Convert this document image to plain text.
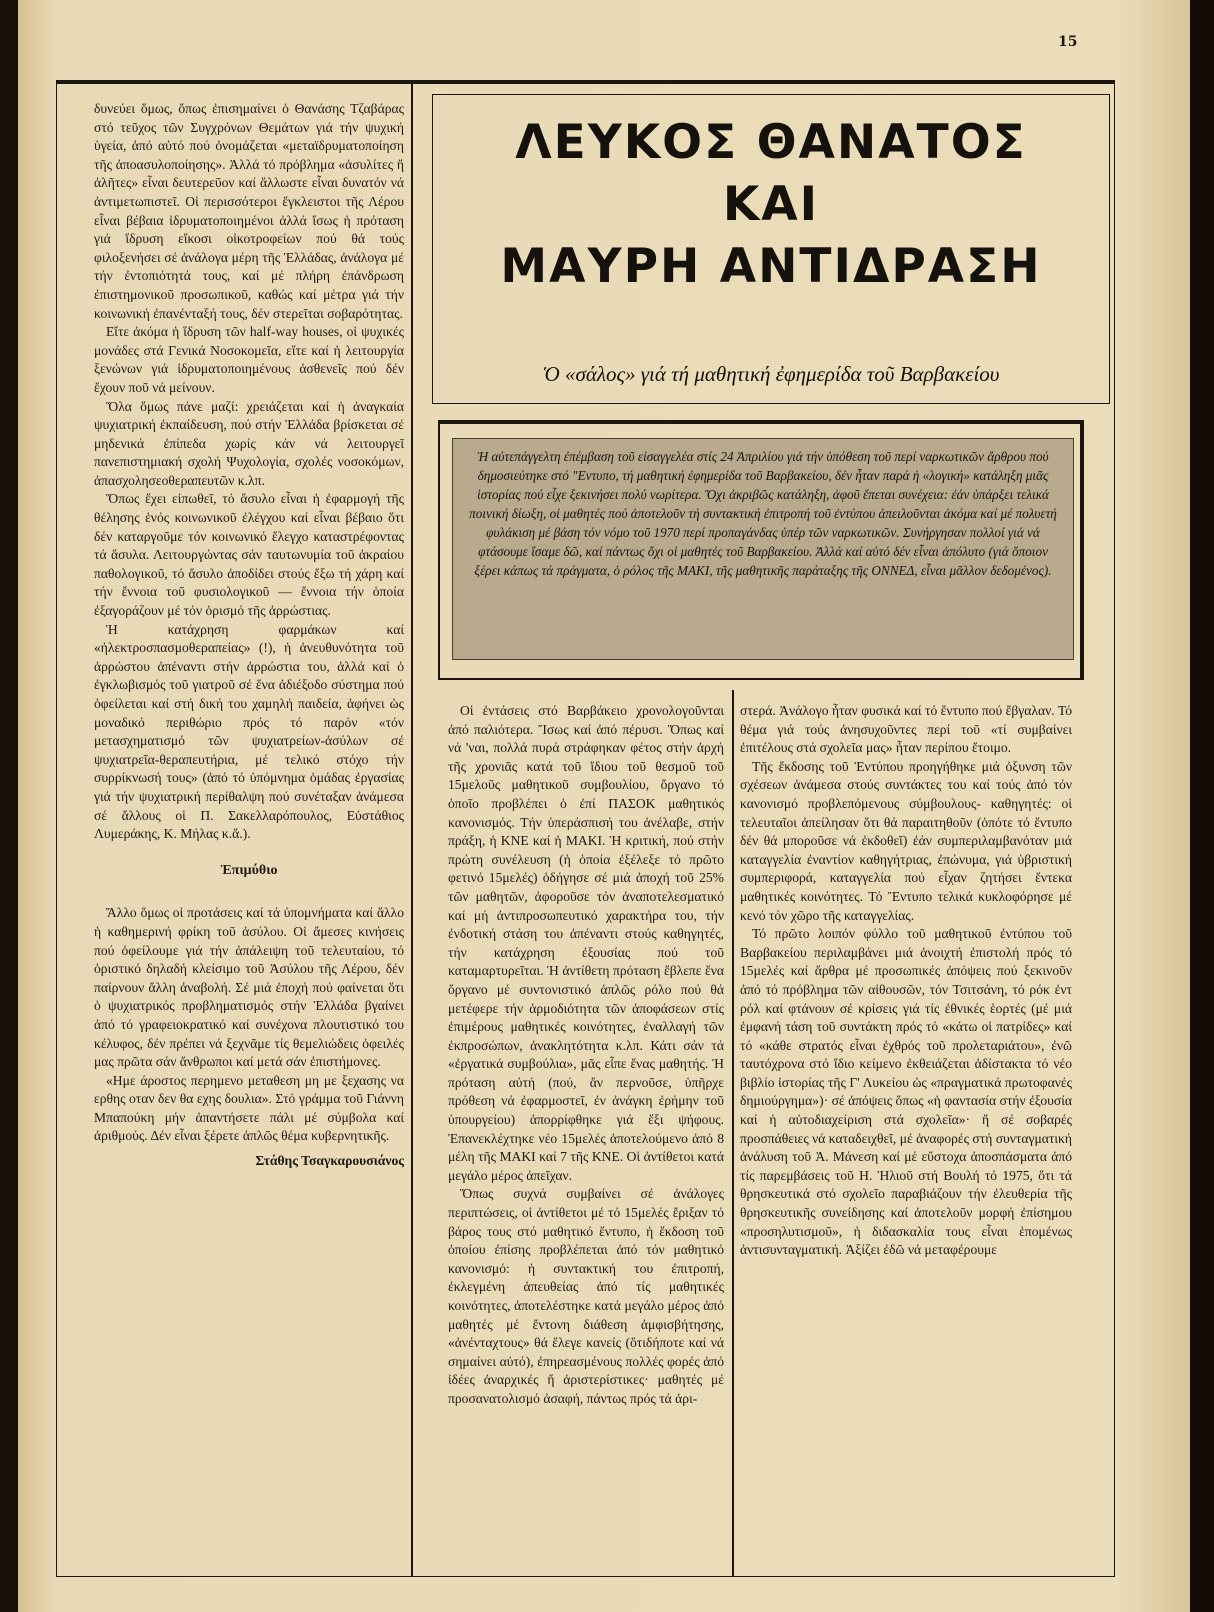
15

δυνεύει ὅμως, ὅπως ἐπισημαίνει ὁ Θανάσης Τζαβάρας στό τεῦχος τῶν Συγχρόνων Θεμάτων γιά τήν ψυχική ὑγεία, ἀπό αὐτό πού ὀνομάζεται «μεταϊδρυματοποίηση τῆς ἀποασυλοποίησης». Ἀλλά τό πρόβλημα «ἀσυλίτες ἤ ἀλῆτες» εἶναι δευτερεῦον καί ἄλλωστε εἶναι δυνατόν νά ἀντιμετωπιστεῖ. Οἱ περισσότεροι ἔγκλειστοι τῆς Λέρου εἶναι βέβαια ἰδρυματοποιημένοι ἀλλά ἴσως ἡ πρόταση γιά ἵδρυση εἴκοσι οἰκοτροφείων πού θά τούς φιλοξενήσει σέ ἀνάλογα μέρη τῆς Ἑλλάδας, ἀνάλογα μέ τήν ἐντοπιότητά τους, καί μέ πλήρη ἐπάνδρωση ἐπιστημονικοῦ προσωπικοῦ, καθώς καί μέτρα γιά τήν κοινωνική ἐπανένταξή τους, δέν στερεῖται σοβαρότητας.

Εἴτε ἀκόμα ἡ ἵδρυση τῶν half-way houses, οἱ ψυχικές μονάδες στά Γενικά Νοσοκομεῖα, εἴτε καί ἡ λειτουργία ξενώνων γιά ἰδρυματοποιημένους ἀσθενεῖς πού δέν ἔχουν ποῦ νά μείνουν.

Ὅλα ὅμως πάνε μαζί: χρειάζεται καί ἡ ἀναγκαία ψυχιατρική ἐκπαίδευση, πού στήν Ἑλλάδα βρίσκεται σέ μηδενικά ἐπίπεδα χωρίς κάν νά λειτουργεῖ πανεπιστημιακή σχολή Ψυχολογία, σχολές νοσοκόμων, ἀπασχολησεοθεραπευτῶν κ.λπ.

Ὅπως ἔχει εἰπωθεῖ, τό ἄσυλο εἶναι ἡ ἐφαρμογή τῆς θέλησης ἑνός κοινωνικοῦ ἐλέγχου καί εἶναι βέβαιο ὅτι δέν καταργοῦμε τόν κοινωνικό ἔλεγχο καταστρέφοντας τά ἄσυλα. Λειτουργώντας σάν ταυτωνυμία τοῦ ἀκραίου παθολογικοῦ, τό ἄσυλο ἀποδίδει στούς ἔξω τή χάρη καί τήν ἔννοια τοῦ φυσιολογικοῦ — ἔννοια τήν ὁποία ἐξαγοράζουν μέ τόν ὁρισμό τῆς ἀρρώστιας.

Ἡ κατάχρηση φαρμάκων καί «ἠλεκτροσπασμοθεραπείας» (!), ἡ ἀνευθυνότητα τοῦ ἀρρώστου ἀπέναντι στήν ἀρρώστια του, ἀλλά καί ὁ ἐγκλωβισμός τοῦ γιατροῦ σέ ἕνα ἀδιέξοδο σύστημα πού ὀφείλεται καί στή δική του χαμηλή παιδεία, ἀφήνει ὡς μοναδικό περιθώριο πρός τό παρόν «τόν μετασχηματισμό τῶν ψυχιατρείων-ἀσύλων σέ ψυχιατρεῖα-θεραπευτήρια, μέ τελικό στόχο τήν συρρίκνωσή τους» (ἀπό τό ὑπόμνημα ὁμάδας ἐργασίας γιά τήν ψυχιατρική περίθαλψη πού συνέταξαν ἀνάμεσα σέ ἄλλους οἱ Π. Σακελλαρόπουλος, Εὐστάθιος Λυμεράκης, Κ. Μήλας κ.ἄ.).

Ἐπιμύθιο

Ἄλλο ὅμως οἱ προτάσεις καί τά ὑπομνήματα καί ἄλλο ἡ καθημερινή φρίκη τοῦ ἀσύλου. Οἱ ἄμεσες κινήσεις πού ὀφείλουμε γιά τήν ἀπάλειψη τοῦ τελευταίου, τό ὁριστικό δηλαδή κλείσιμο τοῦ Ἀσύλου τῆς Λέρου, δέν παίρνουν ἄλλη ἀναβολή. Σέ μιά ἐποχή πού φαίνεται ὅτι ὁ ψυχιατρικός προβληματισμός στήν Ἑλλάδα βγαίνει ἀπό τό γραφειοκρατικό καί συνέχονα πλουτιστικό του κέλυφος, δέν πρέπει νά ξεχνᾶμε τίς θεμελιώδεις ὀφειλές μας πρῶτα σάν ἄνθρωποι καί μετά σάν ἐπιστήμονες.

«Ημε άροστος περημενο μεταθεση μη με ξεχασης να ερθης οταν δεν θα εχης δουλια». Στό γράμμα τοῦ Γιάννη Μπαπούκη μήν ἀπαντήσετε πάλι μέ σύμβολα καί ἀριθμούς. Δέν εἶναι ξέρετε ἁπλῶς θέμα κυβερνητικῆς.

Στάθης Τσαγκαρουσιάνος
ΛΕΥΚΟΣ ΘΑΝΑΤΟΣ
ΚΑΙ
ΜΑΥΡΗ ΑΝΤΙΔΡΑΣΗ
Ὁ «σάλος» γιά τή μαθητική ἐφημερίδα τοῦ Βαρβακείου
Ἡ αὐτεπάγγελτη ἐπέμβαση τοῦ εἰσαγγελέα στίς 24 Ἀπριλίου γιά τήν ὑπόθεση τοῦ περί ναρκωτικῶν ἄρθρου πού δημοσιεύτηκε στό "Εντυπο, τή μαθητική ἐφημερίδα τοῦ Βαρβακείου, δέν ἦταν παρά ἡ «λογική» κατάληξη μιᾶς ἱστορίας πού εἶχε ξεκινήσει πολύ νωρίτερα. Ὄχι ἀκριβῶς κατάληξη, ἀφοῦ ἕπεται συνέχεια: ἐάν ὑπάρξει τελικά ποινική δίωξη, οἱ μαθητές πού ἀποτελοῦν τή συντακτική ἐπιτροπή τοῦ ἐντύπου ἀπειλοῦνται ἀκόμα καί μέ πολυετή φυλάκιση μέ βάση τόν νόμο τοῦ 1970 περί προπαγάνδας ὑπέρ τῶν ναρκωτικῶν. Συνήργησαν πολλοί γιά νά φτάσουμε ἴσαμε δῶ, καί πάντως ὄχι οἱ μαθητές τοῦ Βαρβακείου. Ἀλλά καί αὐτό δέν εἶναι ἀπόλυτο (γιά ὅποιον ξέρει κάπως τά πράγματα, ὁ ρόλος τῆς ΜΑΚΙ, τῆς μαθητικῆς παράταξης τῆς ΟΝΝΕΔ, εἶναι μᾶλλον δεδομένος).

Οἱ ἐντάσεις στό Βαρβάκειο χρονολογοῦνται ἀπό παλιότερα. Ἴσως καί ἀπό πέρυσι. Ὅπως καί νά 'ναι, πολλά πυρά στράφηκαν φέτος στήν ἀρχή τῆς χρονιᾶς κατά τοῦ ἴδιου τοῦ θεσμοῦ τοῦ 15μελοῦς μαθητικοῦ συμβουλίου, ὄργανο τό ὁποῖο προβλέπει ὁ ἐπί ΠΑΣΟΚ μαθητικός κανονισμός. Τήν ὑπεράσπισή του ἀνέλαβε, στήν πράξη, ἡ ΚΝΕ καί ἡ ΜΑΚΙ. Ἡ κριτική, πού στήν πρώτη συνέλευση (ἡ ὁποία ἐξέλεξε τό πρῶτο φετινό 15μελές) ὁδήγησε σέ μιά ἀποχή τοῦ 25% τῶν μαθητῶν, ἀφοροῦσε τόν ἀναποτελεσματικό καί μή ἀντιπροσωπευτικό χαρακτήρα του, τήν ἐνδοτική στάση του ἀπέναντι στούς καθηγητές, τήν κατάχρηση ἐξουσίας πού τοῦ καταμαρτυρεῖται. Ἡ ἀντίθετη πρόταση ἔβλεπε ἕνα ὄργανο μέ συντονιστικό ἁπλῶς ρόλο πού θά μετέφερε τήν ἁρμοδιότητα τῶν ἀποφάσεων στίς ἐπιμέρους μαθητικές κοινότητες, ἐναλλαγή τῶν ἐκπροσώπων, ἀνακλητότητα κ.λπ. Κάτι σάν τά «ἐργατικά συμβούλια», μᾶς εἶπε ἕνας μαθητής. Ἡ πρόταση αὐτή (πού, ἄν περνοῦσε, ὑπῆρχε πρόθεση νά ἐφαρμοστεῖ, ἐν ἀνάγκη ἐρήμην τοῦ ὑπουργείου) ἀπορρίφθηκε γιά ἕξι ψήφους. Ἐπανεκλέχτηκε νέο 15μελές ἀποτελούμενο ἀπό 8 μέλη τῆς ΜΑΚΙ καί 7 τῆς ΚΝΕ. Οἱ ἀντίθετοι κατά μεγάλο μέρος ἀπεῖχαν.

Ὅπως συχνά συμβαίνει σέ ἀνάλογες περιπτώσεις, οἱ ἀντίθετοι μέ τό 15μελές ἔριξαν τό βάρος τους στό μαθητικό ἔντυπο, ἡ ἔκδοση τοῦ ὁποίου ἐπίσης προβλέπεται ἀπό τόν μαθητικό κανονισμό: ἡ συντακτική του ἐπιτροπή, ἐκλεγμένη ἀπευθείας ἀπό τίς μαθητικές κοινότητες, ἀποτελέστηκε κατά μεγάλο μέρος ἀπό μαθητές μέ ἔντονη διάθεση ἀμφισβήτησης, «ἀνένταχτους» θά ἔλεγε κανείς (ὅτιδήποτε καί νά σημαίνει αὐτό), ἐπηρεασμένους πολλές φορές ἀπό ἰδέες ἀναρχικές ἤ ἀριστερίστικες· μαθητές μέ προσανατολισμό ἀσαφή, πάντως πρός τά ἀρι-

στερά. Ἀνάλογο ἦταν φυσικά καί τό ἔντυπο πού ἔβγαλαν. Τό θέμα γιά τούς ἀνησυχοῦντες περί τοῦ «τί συμβαίνει ἐπιτέλους στά σχολεῖα μας» ἦταν περίπου ἔτοιμο.

Τῆς ἔκδοσης τοῦ Ἐντύπου προηγήθηκε μιά ὀξυνση τῶν σχέσεων ἀνάμεσα στούς συντάκτες του καί τούς ἀπό τόν κανονισμό προβλεπόμενους σύμβουλους- καθηγητές: οἱ τελευταῖοι ἀπείλησαν ὅτι θά παραιτηθοῦν (ὁπότε τό ἔντυπο δέν θά μποροῦσε νά ἐκδοθεῖ) ἐάν συμπεριλαμβανόταν μιά καταγγελία ἐναντίον καθηγήτριας, ἐπώνυμα, γιά ὑβριστική συμπεριφορά, καταγγελία πού εἶχαν ζητήσει ἔντεκα μαθητικές κοινότητες. Τό Ἔντυπο τελικά κυκλοφόρησε μέ κενό τόν χῶρο τῆς καταγγελίας.

Τό πρῶτο λοιπόν φύλλο τοῦ μαθητικοῦ ἐντύπου τοῦ Βαρβακείου περιλαμβάνει μιά ἀνοιχτή ἐπιστολή πρός τό 15μελές καί ἄρθρα μέ προσωπικές ἀπόψεις πού ξεκινοῦν ἀπό τό πρόβλημα τῶν αἰθουσῶν, τόν Τσιτσάνη, τό ρόκ ἐντ ρόλ καί φτάνουν σέ κρίσεις γιά τίς ἐθνικές ἑορτές (μέ μιά ἐμφανή τάση τοῦ συντάκτη πρός τό «κάτω οἱ πατρίδες» καί τό «κάθε στρατός εἶναι ἐχθρός τοῦ προλεταριάτου», ἐνῶ ταυτόχρονα στό ἴδιο κείμενο ἐκθειάζεται ἀδίστακτα τό νέο βιβλίο ἱστορίας τῆς Γ' Λυκείου ὡς «πραγματικά πρωτοφανές δημιούργημα»)· σέ ἀπόψεις ὅπως «ἡ φαντασία στήν ἐξουσία καί ἡ αὐτοδιαχείριση στά σχολεῖα»· ἤ σέ σοβαρές προσπάθειες νά καταδειχθεῖ, μέ ἀναφορές στή συνταγματική ἀνάλυση τοῦ Ἀ. Μάνεση καί μέ εὔστοχα ἀποσπάσματα ἀπό τίς παρεμβάσεις τοῦ Η. Ἡλιοῦ στή Βουλή τό 1975, ὅτι τά θρησκευτικά στό σχολεῖο παραβιάζουν τήν ἐλευθερία τῆς θρησκευτικῆς συνείδησης καί ἀποτελοῦν μορφή ἐπίσημου «προσηλυτισμοῦ», ἡ διδασκαλία τους εἶναι ἑπομένως ἀντισυνταγματική. Ἀξίζει ἐδῶ νά μεταφέρουμε
